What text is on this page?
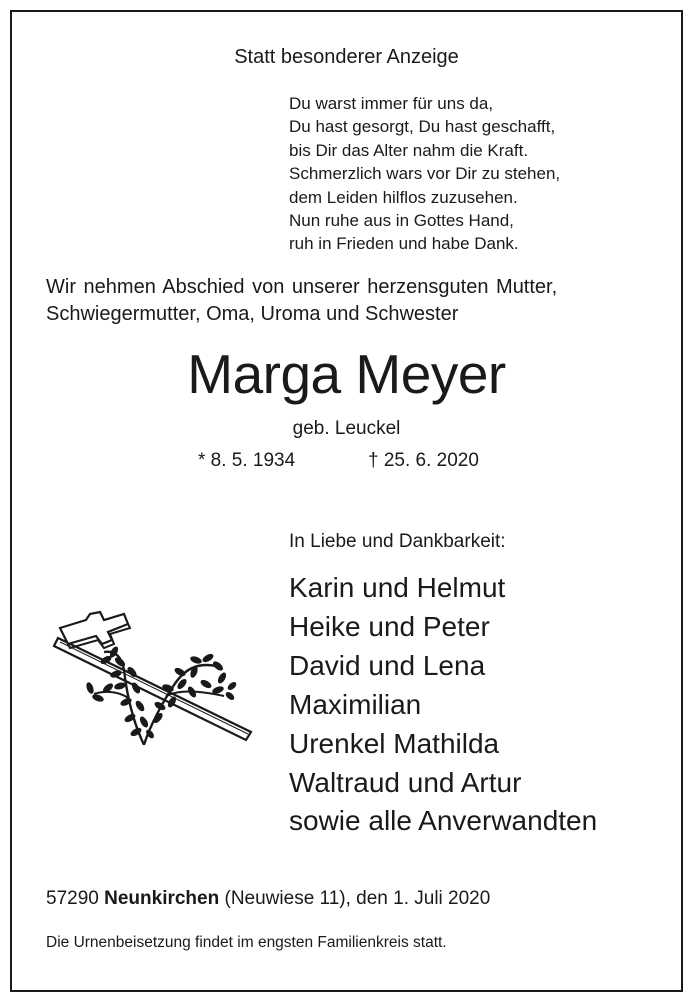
Statt besonderer Anzeige
Du warst immer für uns da,
Du hast gesorgt, Du hast geschafft,
bis Dir das Alter nahm die Kraft.
Schmerzlich wars vor Dir zu stehen,
dem Leiden hilflos zuzusehen.
Nun ruhe aus in Gottes Hand,
ruh in Frieden und habe Dank.
Wir nehmen Abschied von unserer herzensguten Mutter,
Schwiegermutter, Oma, Uroma und Schwester
Marga Meyer
geb. Leuckel
* 8. 5. 1934	† 25. 6. 2020
In Liebe und Dankbarkeit:
Karin und Helmut
Heike und Peter
David und Lena
Maximilian
Urenkel Mathilda
Waltraud und Artur
sowie alle Anverwandten
57290 Neunkirchen (Neuwiese 11), den 1. Juli 2020
Die Urnenbeisetzung findet im engsten Familienkreis statt.
